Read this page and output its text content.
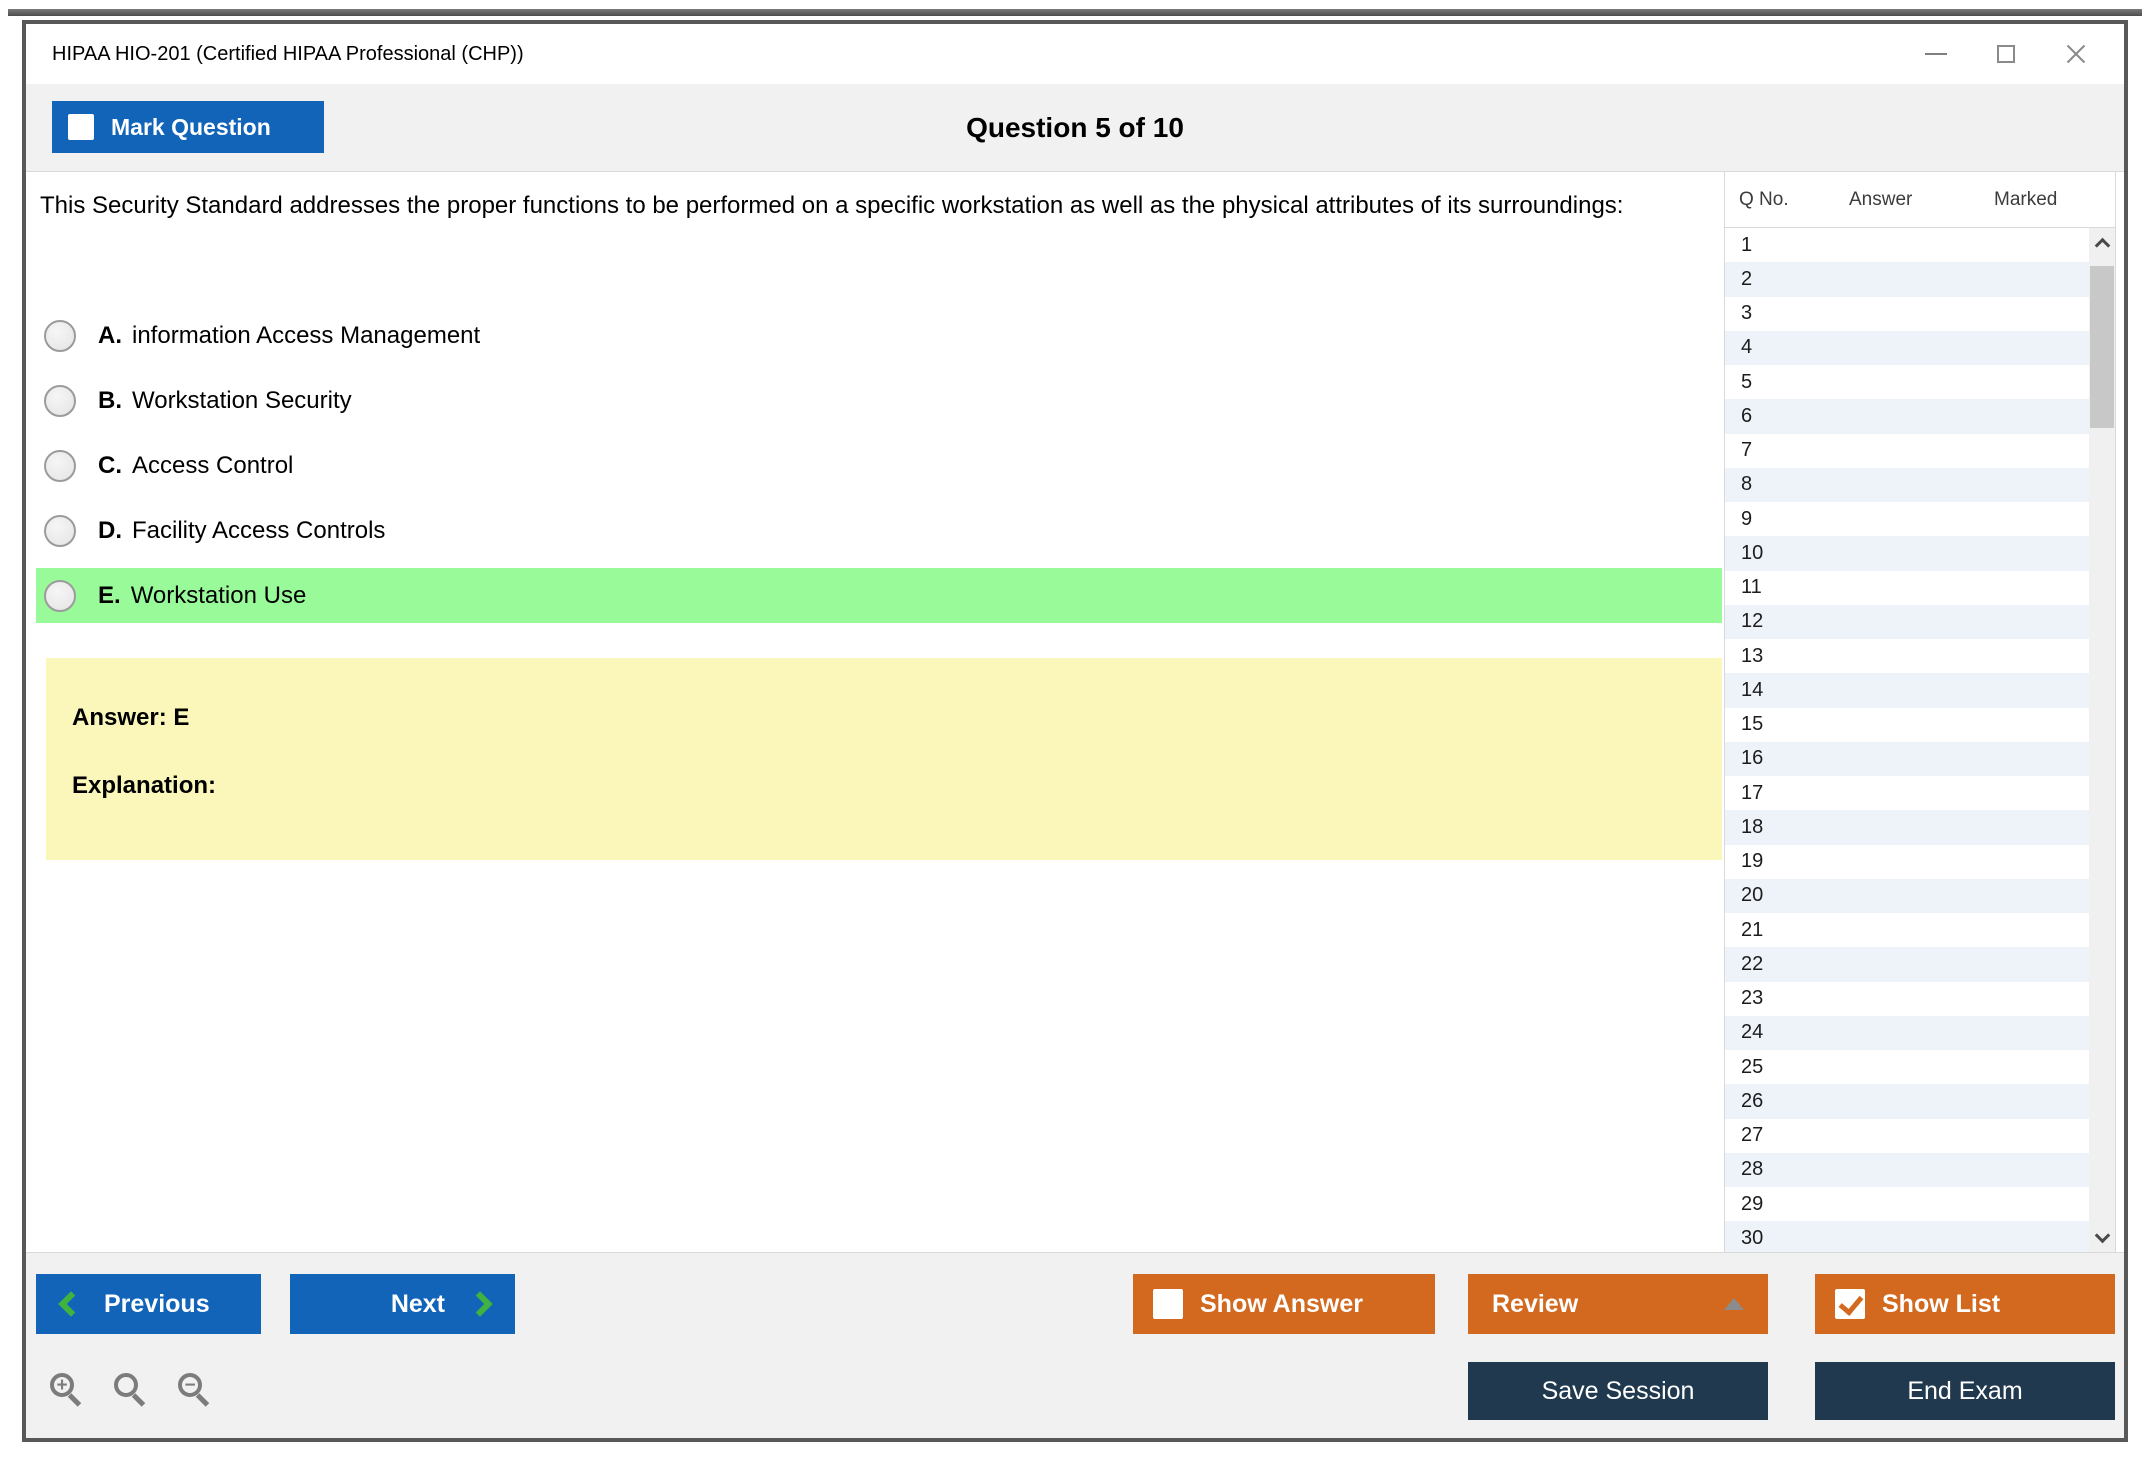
HIPAA HIO-201 (Certified HIPAA Professional (CHP))
Question 5 of 10
Mark Question
This Security Standard addresses the proper functions to be performed on a specific workstation as well as the physical attributes of its surroundings:
A. information Access Management
B. Workstation Security
C. Access Control
D. Facility Access Controls
E. Workstation Use
Answer: E
Explanation:
Q No.	Answer	Marked
1
2
3
4
5
6
7
8
9
10
11
12
13
14
15
16
17
18
19
20
21
22
23
24
25
26
27
28
29
30
Previous	Next	Show Answer	Review	Show List
Save Session	End Exam
+	−
